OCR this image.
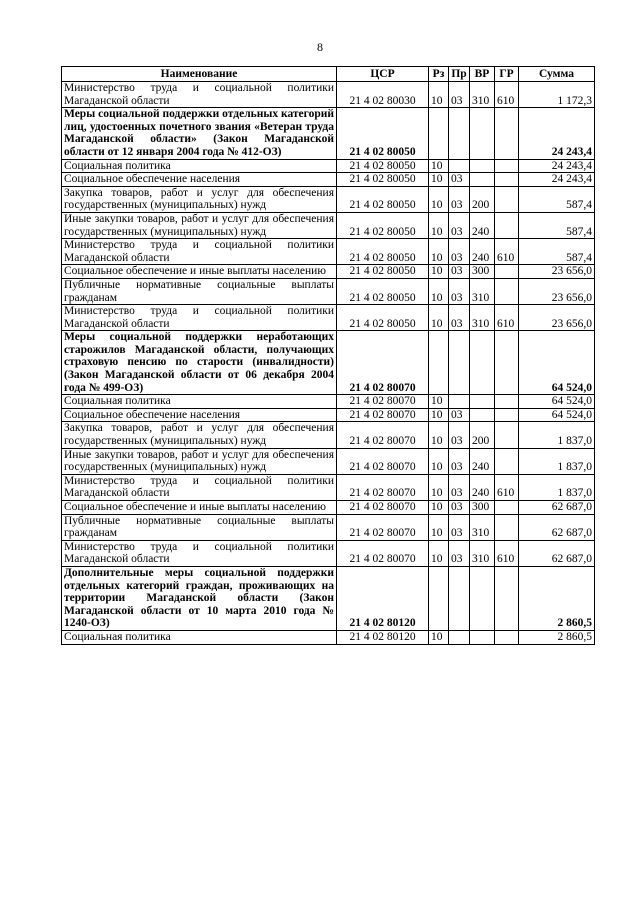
8
Наименование	ЦСР	Рз	Пр	ВР	ГР	Сумма
Министерство труда и социальной политики Магаданской области	21 4 02 80030	10	03	310	610	1 172,3
Меры социальной поддержки отдельных категорий лиц, удостоенных почетного звания «Ветеран труда Магаданской области» (Закон Магаданской области от 12 января 2004 года № 412-ОЗ)	21 4 02 80050					24 243,4
Социальная политика	21 4 02 80050	10				24 243,4
Социальное обеспечение населения	21 4 02 80050	10	03			24 243,4
Закупка товаров, работ и услуг для обеспечения государственных (муниципальных) нужд	21 4 02 80050	10	03	200		587,4
Иные закупки товаров, работ и услуг для обеспечения государственных (муниципальных) нужд	21 4 02 80050	10	03	240		587,4
Министерство труда и социальной политики Магаданской области	21 4 02 80050	10	03	240	610	587,4
Социальное обеспечение и иные выплаты населению	21 4 02 80050	10	03	300		23 656,0
Публичные нормативные социальные выплаты гражданам	21 4 02 80050	10	03	310		23 656,0
Министерство труда и социальной политики Магаданской области	21 4 02 80050	10	03	310	610	23 656,0
Меры социальной поддержки неработающих старожилов Магаданской области, получающих страховую пенсию по старости (инвалидности) (Закон Магаданской области от 06 декабря 2004 года № 499-ОЗ)	21 4 02 80070					64 524,0
Социальная политика	21 4 02 80070	10				64 524,0
Социальное обеспечение населения	21 4 02 80070	10	03			64 524,0
Закупка товаров, работ и услуг для обеспечения государственных (муниципальных) нужд	21 4 02 80070	10	03	200		1 837,0
Иные закупки товаров, работ и услуг для обеспечения государственных (муниципальных) нужд	21 4 02 80070	10	03	240		1 837,0
Министерство труда и социальной политики Магаданской области	21 4 02 80070	10	03	240	610	1 837,0
Социальное обеспечение и иные выплаты населению	21 4 02 80070	10	03	300		62 687,0
Публичные нормативные социальные выплаты гражданам	21 4 02 80070	10	03	310		62 687,0
Министерство труда и социальной политики Магаданской области	21 4 02 80070	10	03	310	610	62 687,0
Дополнительные меры социальной поддержки отдельных категорий граждан, проживающих на территории Магаданской области (Закон Магаданской области от 10 марта 2010 года № 1240-ОЗ)	21 4 02 80120					2 860,5
Социальная политика	21 4 02 80120	10				2 860,5
